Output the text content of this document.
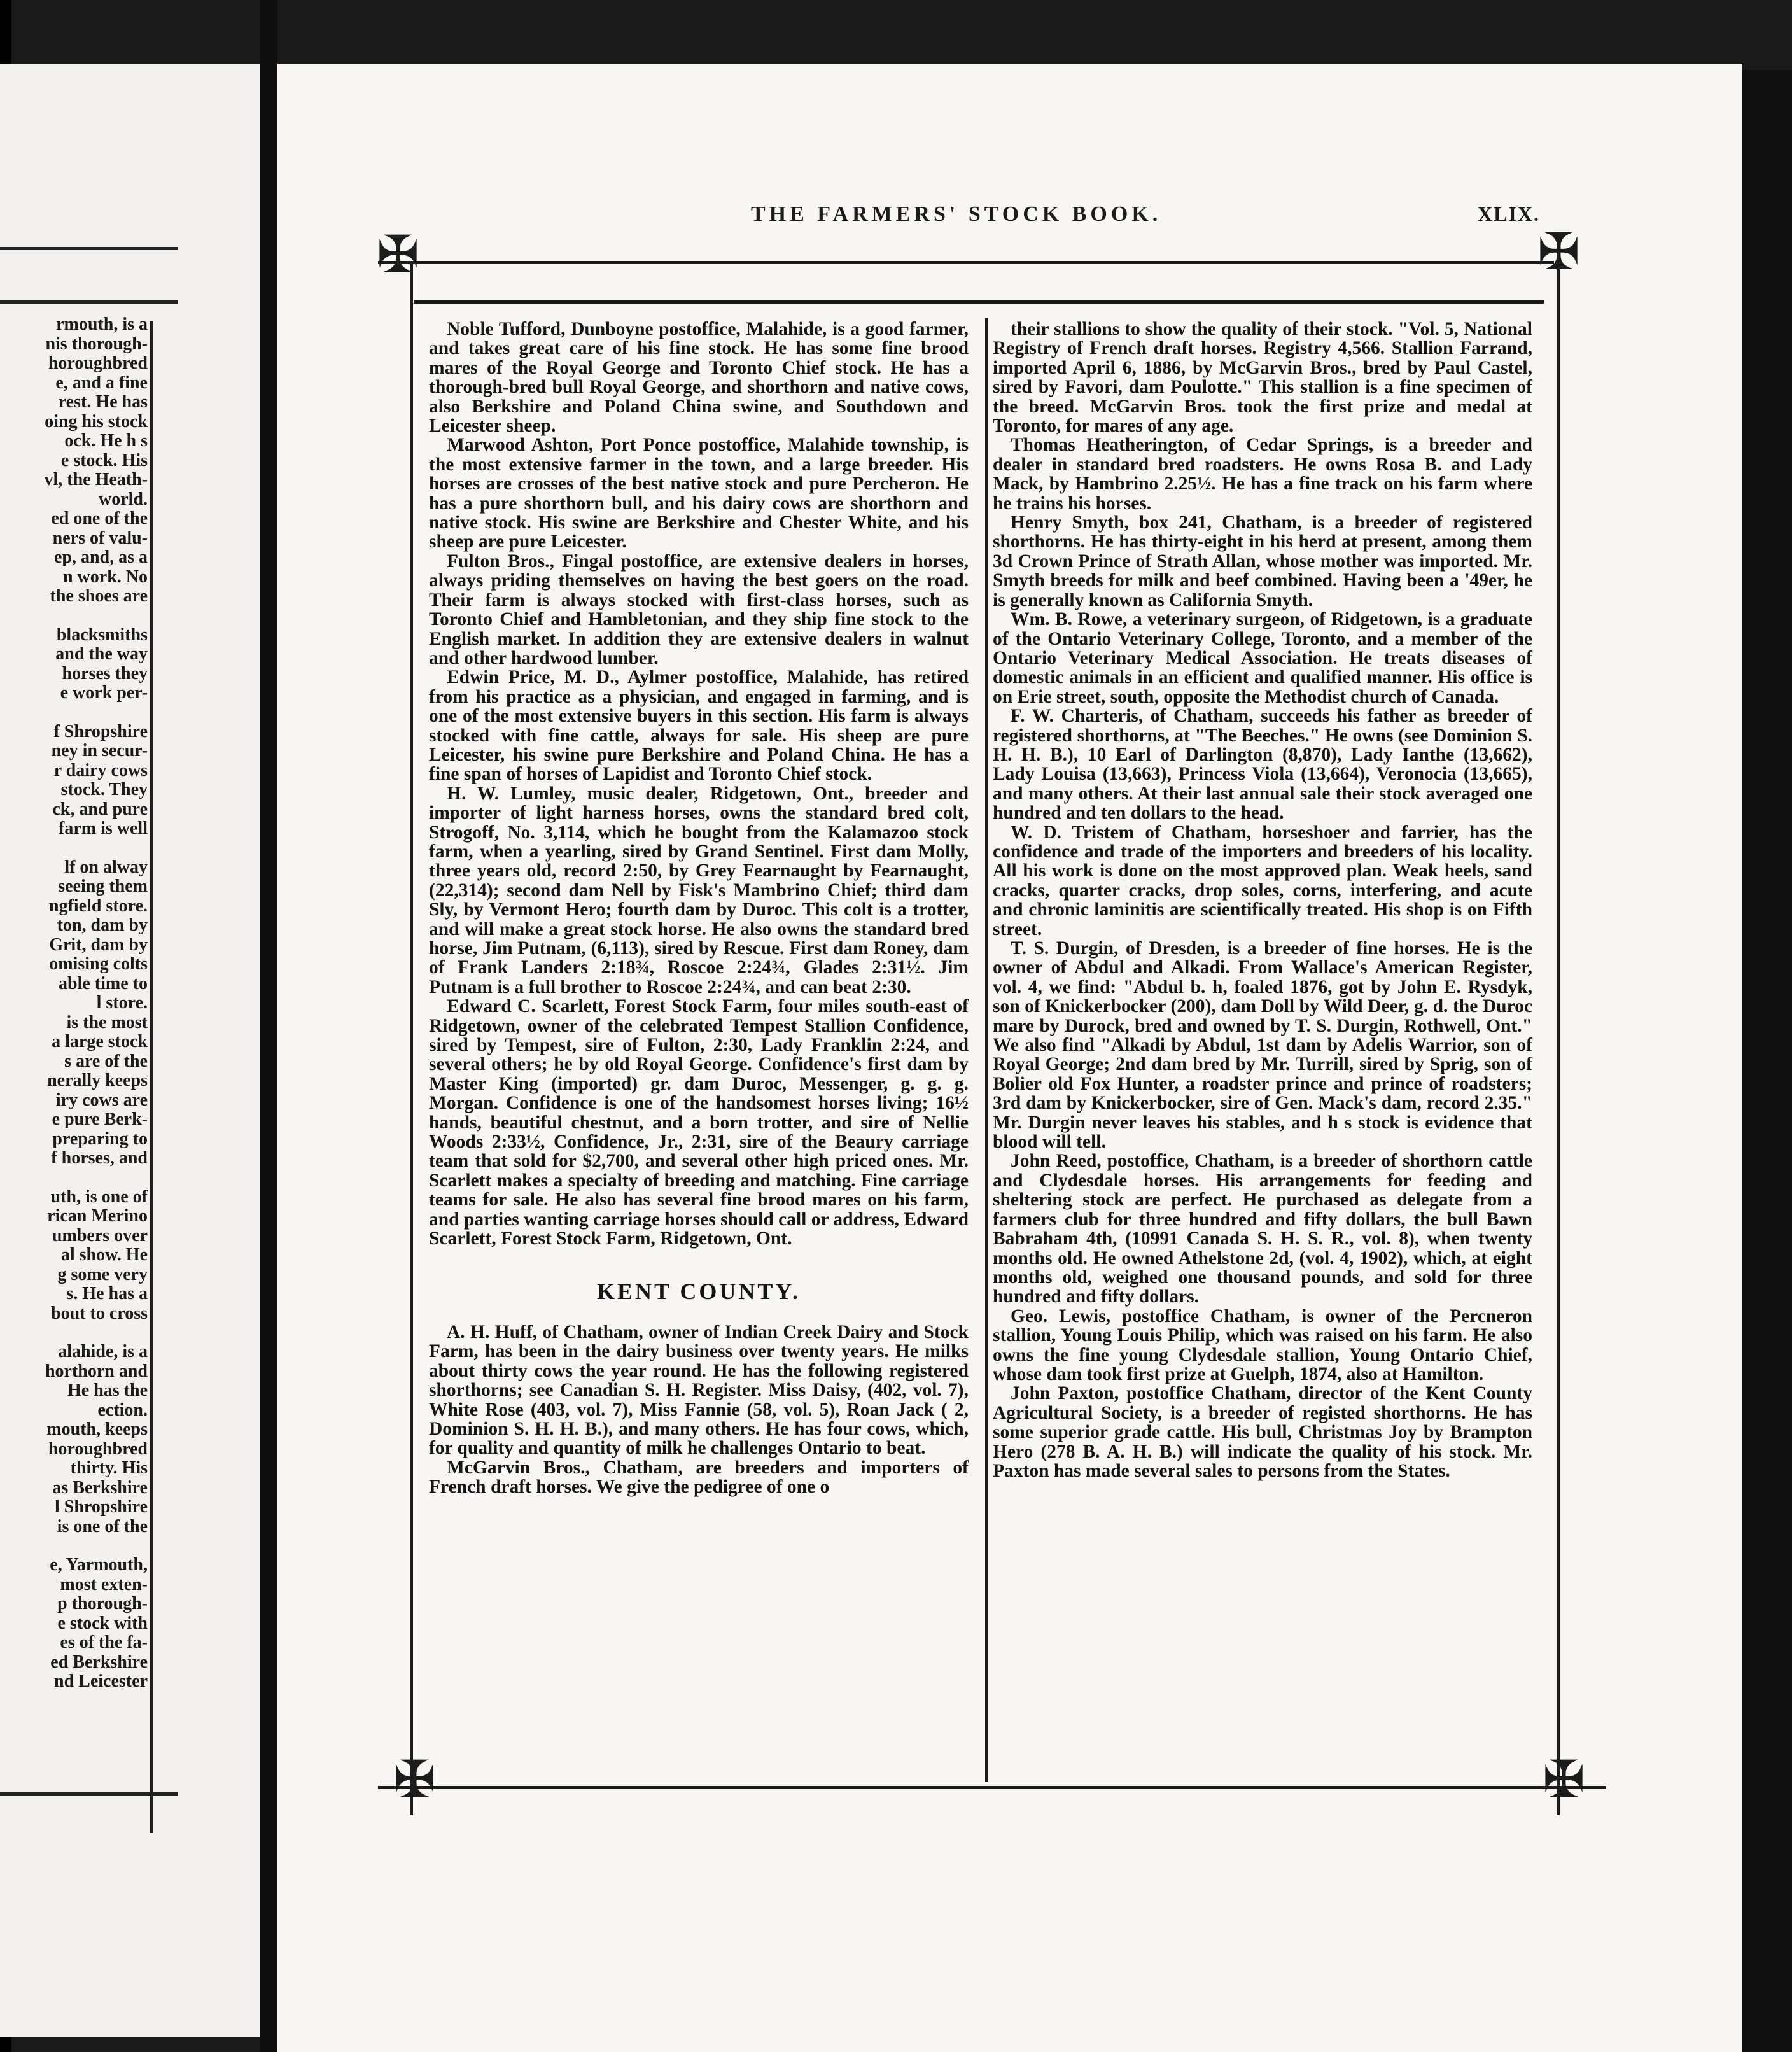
rmouth, is a

nis thorough-

horoughbred

e, and a fine

rest. He has

oing his stock

ock. He h s

e stock. His

vl, the Heath-

world.

ed one of the

ners of valu-

ep, and, as a

n work. No

the shoes are

blacksmiths

and the way

horses they

e work per-

f Shropshire

ney in secur-

r dairy cows

stock. They

ck, and pure

farm is well

lf on alway

seeing them

ngfield store.

ton, dam by

Grit, dam by

omising colts

able time to

l store.

is the most

a large stock

s are of the

nerally keeps

iry cows are

e pure Berk-

preparing to

f horses, and

uth, is one of

rican Merino

umbers over

al show. He

g some very

s. He has a

bout to cross

alahide, is a

horthorn and

He has the

ection.

mouth, keeps

horoughbred

thirty. His

as Berkshire

l Shropshire

is one of the

e, Yarmouth,

most exten-

p thorough-

e stock with

es of the fa-

ed Berkshire

nd Leicester

✠	✠
✠	✠
THE FARMERS' STOCK BOOK.	XLIX.

Noble Tufford, Dunboyne postoffice, Malahide, is a good farmer, and takes great care of his fine stock. He has some fine brood mares of the Royal George and Toronto Chief stock. He has a thorough-bred bull Royal George, and shorthorn and native cows, also Berkshire and Poland China swine, and Southdown and Leicester sheep.

Marwood Ashton, Port Ponce postoffice, Malahide township, is the most extensive farmer in the town, and a large breeder. His horses are crosses of the best native stock and pure Percheron. He has a pure shorthorn bull, and his dairy cows are shorthorn and native stock. His swine are Berkshire and Chester White, and his sheep are pure Leicester.

Fulton Bros., Fingal postoffice, are extensive dealers in horses, always priding themselves on having the best goers on the road. Their farm is always stocked with first-class horses, such as Toronto Chief and Hambletonian, and they ship fine stock to the English market. In addition they are extensive dealers in walnut and other hardwood lumber.

Edwin Price, M. D., Aylmer postoffice, Malahide, has retired from his practice as a physician, and engaged in farming, and is one of the most extensive buyers in this section. His farm is always stocked with fine cattle, always for sale. His sheep are pure Leicester, his swine pure Berkshire and Poland China. He has a fine span of horses of Lapidist and Toronto Chief stock.

H. W. Lumley, music dealer, Ridgetown, Ont., breeder and importer of light harness horses, owns the standard bred colt, Strogoff, No. 3,114, which he bought from the Kalamazoo stock farm, when a yearling, sired by Grand Sentinel. First dam Molly, three years old, record 2:50, by Grey Fearnaught by Fearnaught, (22,314); second dam Nell by Fisk's Mambrino Chief; third dam Sly, by Vermont Hero; fourth dam by Duroc. This colt is a trotter, and will make a great stock horse. He also owns the standard bred horse, Jim Putnam, (6,113), sired by Rescue. First dam Roney, dam of Frank Landers 2:18¾, Roscoe 2:24¾, Glades 2:31½. Jim Putnam is a full brother to Roscoe 2:24¾, and can beat 2:30.

Edward C. Scarlett, Forest Stock Farm, four miles south-east of Ridgetown, owner of the celebrated Tempest Stallion Confidence, sired by Tempest, sire of Fulton, 2:30, Lady Franklin 2:24, and several others; he by old Royal George. Confidence's first dam by Master King (imported) gr. dam Duroc, Messenger, g. g. g. Morgan. Confidence is one of the handsomest horses living; 16½ hands, beautiful chestnut, and a born trotter, and sire of Nellie Woods 2:33½, Confidence, Jr., 2:31, sire of the Beaury carriage team that sold for $2,700, and several other high priced ones. Mr. Scarlett makes a specialty of breeding and matching. Fine carriage teams for sale. He also has several fine brood mares on his farm, and parties wanting carriage horses should call or address, Edward Scarlett, Forest Stock Farm, Ridgetown, Ont.

KENT COUNTY.

A. H. Huff, of Chatham, owner of Indian Creek Dairy and Stock Farm, has been in the dairy business over twenty years. He milks about thirty cows the year round. He has the following registered shorthorns; see Canadian S. H. Register. Miss Daisy, (402, vol. 7), White Rose (403, vol. 7), Miss Fannie (58, vol. 5), Roan Jack ( 2, Dominion S. H. H. B.), and many others. He has four cows, which, for quality and quantity of milk he challenges Ontario to beat.

McGarvin Bros., Chatham, are breeders and importers of French draft horses. We give the pedigree of one o

their stallions to show the quality of their stock. "Vol. 5, National Registry of French draft horses. Registry 4,566. Stallion Farrand, imported April 6, 1886, by McGarvin Bros., bred by Paul Castel, sired by Favori, dam Poulotte." This stallion is a fine specimen of the breed. McGarvin Bros. took the first prize and medal at Toronto, for mares of any age.

Thomas Heatherington, of Cedar Springs, is a breeder and dealer in standard bred roadsters. He owns Rosa B. and Lady Mack, by Hambrino 2.25½. He has a fine track on his farm where he trains his horses.

Henry Smyth, box 241, Chatham, is a breeder of registered shorthorns. He has thirty-eight in his herd at present, among them 3d Crown Prince of Strath Allan, whose mother was imported. Mr. Smyth breeds for milk and beef combined. Having been a '49er, he is generally known as California Smyth.

Wm. B. Rowe, a veterinary surgeon, of Ridgetown, is a graduate of the Ontario Veterinary College, Toronto, and a member of the Ontario Veterinary Medical Association. He treats diseases of domestic animals in an efficient and qualified manner. His office is on Erie street, south, opposite the Methodist church of Canada.

F. W. Charteris, of Chatham, succeeds his father as breeder of registered shorthorns, at "The Beeches." He owns (see Dominion S. H. H. B.), 10 Earl of Darlington (8,870), Lady Ianthe (13,662), Lady Louisa (13,663), Princess Viola (13,664), Veronocia (13,665), and many others. At their last annual sale their stock averaged one hundred and ten dollars to the head.

W. D. Tristem of Chatham, horseshoer and farrier, has the confidence and trade of the importers and breeders of his locality. All his work is done on the most approved plan. Weak heels, sand cracks, quarter cracks, drop soles, corns, interfering, and acute and chronic laminitis are scientifically treated. His shop is on Fifth street.

T. S. Durgin, of Dresden, is a breeder of fine horses. He is the owner of Abdul and Alkadi. From Wallace's American Register, vol. 4, we find: "Abdul b. h, foaled 1876, got by John E. Rysdyk, son of Knickerbocker (200), dam Doll by Wild Deer, g. d. the Duroc mare by Durock, bred and owned by T. S. Durgin, Rothwell, Ont." We also find "Alkadi by Abdul, 1st dam by Adelis Warrior, son of Royal George; 2nd dam bred by Mr. Turrill, sired by Sprig, son of Bolier old Fox Hunter, a roadster prince and prince of roadsters; 3rd dam by Knickerbocker, sire of Gen. Mack's dam, record 2.35." Mr. Durgin never leaves his stables, and h s stock is evidence that blood will tell.

John Reed, postoffice, Chatham, is a breeder of shorthorn cattle and Clydesdale horses. His arrangements for feeding and sheltering stock are perfect. He purchased as delegate from a farmers club for three hundred and fifty dollars, the bull Bawn Babraham 4th, (10991 Canada S. H. S. R., vol. 8), when twenty months old. He owned Athelstone 2d, (vol. 4, 1902), which, at eight months old, weighed one thousand pounds, and sold for three hundred and fifty dollars.

Geo. Lewis, postoffice Chatham, is owner of the Percneron stallion, Young Louis Philip, which was raised on his farm. He also owns the fine young Clydesdale stallion, Young Ontario Chief, whose dam took first prize at Guelph, 1874, also at Hamilton.

John Paxton, postoffice Chatham, director of the Kent County Agricultural Society, is a breeder of registed shorthorns. He has some superior grade cattle. His bull, Christmas Joy by Brampton Hero (278 B. A. H. B.) will indicate the quality of his stock. Mr. Paxton has made several sales to persons from the States.
